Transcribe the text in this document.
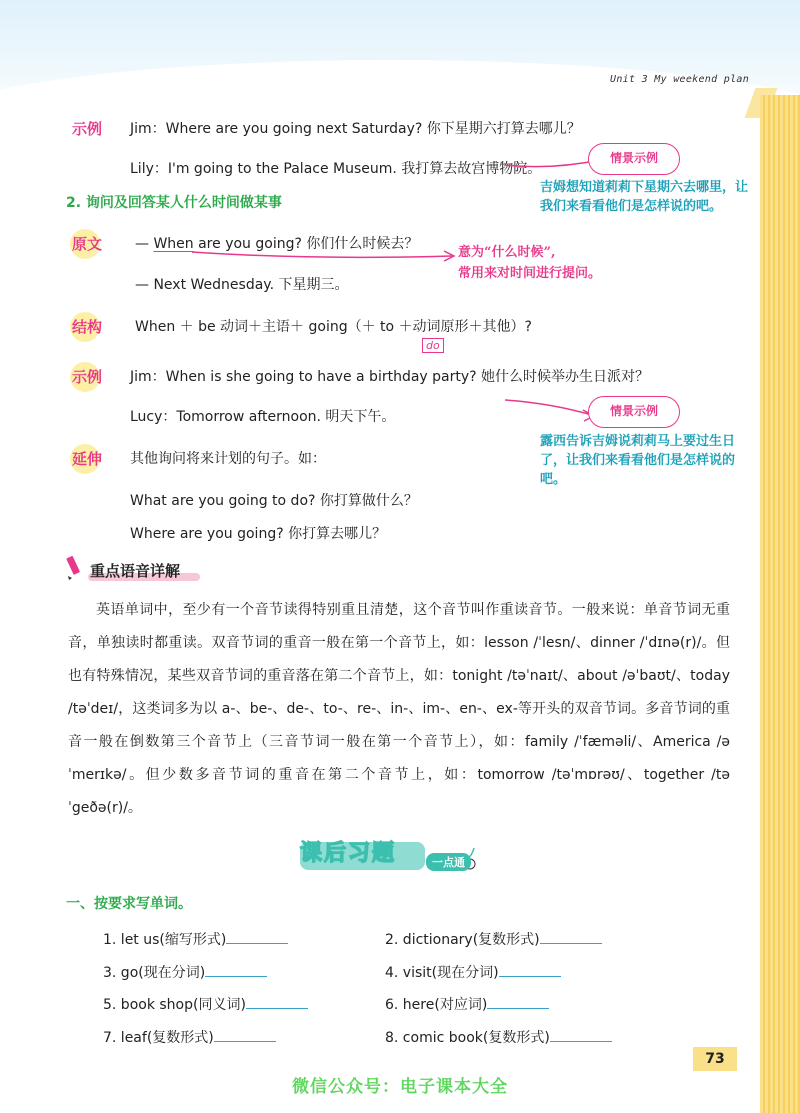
Unit 3 My weekend plan
示例 Jim：Where are you going next Saturday? 你下星期六打算去哪儿？
Lily：I'm going to the Palace Museum. 我打算去故宫博物院。
情景示例
吉姆想知道莉莉下星期六去哪里，让我们来看看他们是怎样说的吧。
2. 询问及回答某人什么时间做某事
原文 — When are you going? 你们什么时候去？
— Next Wednesday. 下星期三。
意为“什么时候”,
常用来对时间进行提问。
结构 When ＋ be 动词＋主语＋ going（＋ to ＋动词原形＋其他）?
do
示例 Jim：When is she going to have a birthday party? 她什么时候举办生日派对？
Lucy：Tomorrow afternoon. 明天下午。	情景示例
露西告诉吉姆说莉莉马上要过生日了，让我们来看看他们是怎样说的吧。
延伸 其他询问将来计划的句子。如：
What are you going to do? 你打算做什么？
Where are you going? 你打算去哪儿？
重点语音详解
英语单词中，至少有一个音节读得特别重且清楚，这个音节叫作重读音节。一般来说：单音节词无重音，单独读时都重读。双音节词的重音一般在第一个音节上，如：lesson /ˈlesn/、dinner /ˈdɪnə(r)/。但也有特殊情况，某些双音节词的重音落在第二个音节上，如：tonight /təˈnaɪt/、about /əˈbaʊt/、today /təˈdeɪ/，这类词多为以 a-、be-、de-、to-、re-、in-、im-、en-、ex-等开头的双音节词。多音节词的重音一般在倒数第三个音节上（三音节词一般在第一个音节上），如：family /ˈfæməli/、America /əˈmerɪkə/。但少数多音节词的重音在第二个音节上，如：tomorrow /təˈmɒrəʊ/、together /təˈgeðə(r)/。
课后习题	一点通
一、按要求写单词。
1. let us(缩写形式)	2. dictionary(复数形式)
3. go(现在分词)	4. visit(现在分词)
5. book shop(同义词)	6. here(对应词)
7. leaf(复数形式)	8. comic book(复数形式)
73
微信公众号：电子课本大全
